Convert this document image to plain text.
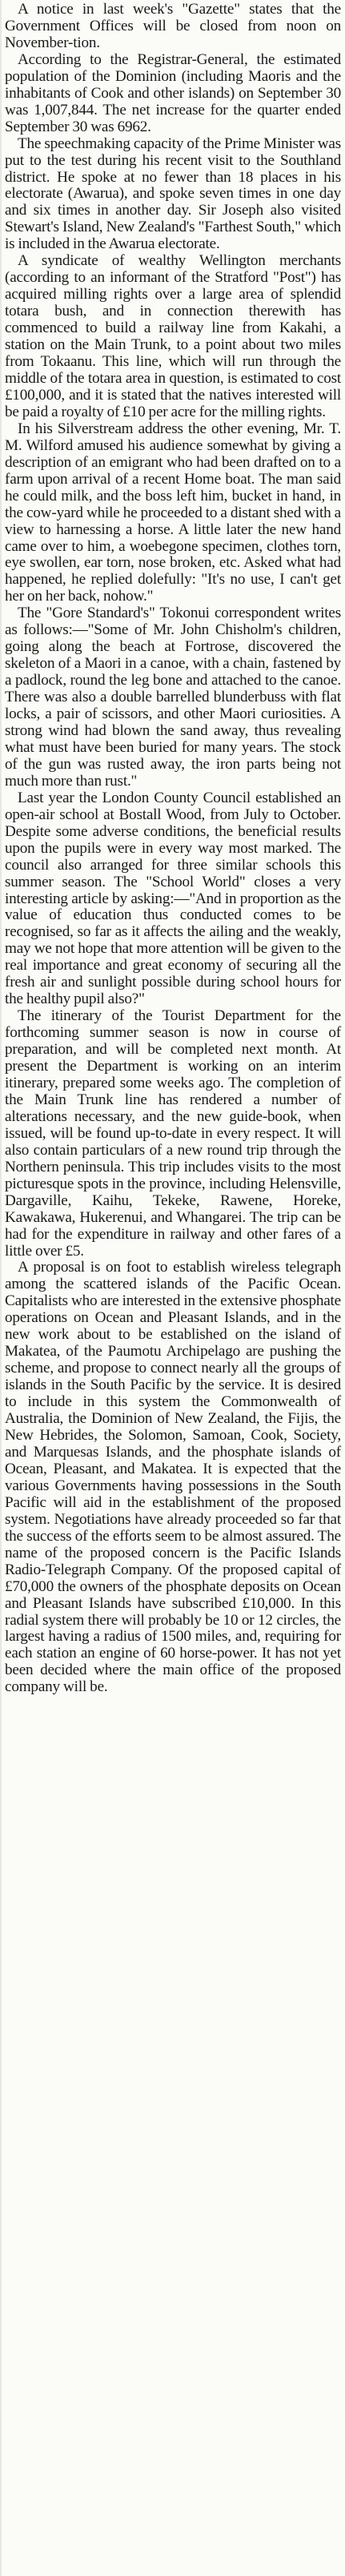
A notice in last week's "Gazette" states that the Government Offices will be closed from noon on November-tion.

According to the Registrar-General, the estimated population of the Dominion (including Maoris and the inhabitants of Cook and other islands) on September 30 was 1,007,844. The net increase for the quarter ended September 30 was 6962.

The speechmaking capacity of the Prime Minister was put to the test during his recent visit to the Southland district. He spoke at no fewer than 18 places in his electorate (Awarua), and spoke seven times in one day and six times in another day. Sir Joseph also visited Stewart's Island, New Zealand's "Farthest South," which is included in the Awarua electorate.

A syndicate of wealthy Wellington merchants (according to an informant of the Stratford "Post") has acquired milling rights over a large area of splendid totara bush, and in connection therewith has commenced to build a railway line from Kakahi, a station on the Main Trunk, to a point about two miles from Tokaanu. This line, which will run through the middle of the totara area in question, is estimated to cost £100,000, and it is stated that the natives interested will be paid a royalty of £10 per acre for the milling rights.

In his Silverstream address the other evening, Mr. T. M. Wilford amused his audience somewhat by giving a description of an emigrant who had been drafted on to a farm upon arrival of a recent Home boat. The man said he could milk, and the boss left him, bucket in hand, in the cow-yard while he proceeded to a distant shed with a view to harnessing a horse. A little later the new hand came over to him, a woebegone specimen, clothes torn, eye swollen, ear torn, nose broken, etc. Asked what had happened, he replied dolefully: "It's no use, I can't get her on her back, nohow."

The "Gore Standard's" Tokonui correspondent writes as follows:—"Some of Mr. John Chisholm's children, going along the beach at Fortrose, discovered the skeleton of a Maori in a canoe, with a chain, fastened by a padlock, round the leg bone and attached to the canoe. There was also a double barrelled blunderbuss with flat locks, a pair of scissors, and other Maori curiosities. A strong wind had blown the sand away, thus revealing what must have been buried for many years. The stock of the gun was rusted away, the iron parts being not much more than rust."

Last year the London County Council established an open-air school at Bostall Wood, from July to October. Despite some adverse conditions, the beneficial results upon the pupils were in every way most marked. The council also arranged for three similar schools this summer season. The "School World" closes a very interesting article by asking:—"And in proportion as the value of education thus conducted comes to be recognised, so far as it affects the ailing and the weakly, may we not hope that more attention will be given to the real importance and great economy of securing all the fresh air and sunlight possible during school hours for the healthy pupil also?"

The itinerary of the Tourist Department for the forthcoming summer season is now in course of preparation, and will be completed next month. At present the Department is working on an interim itinerary, prepared some weeks ago. The completion of the Main Trunk line has rendered a number of alterations necessary, and the new guide-book, when issued, will be found up-to-date in every respect. It will also contain particulars of a new round trip through the Northern peninsula. This trip includes visits to the most picturesque spots in the province, including Helensville, Dargaville, Kaihu, Tekeke, Rawene, Horeke, Kawakawa, Hukerenui, and Whangarei. The trip can be had for the expenditure in railway and other fares of a little over £5.

A proposal is on foot to establish wireless telegraph among the scattered islands of the Pacific Ocean. Capitalists who are interested in the extensive phosphate operations on Ocean and Pleasant Islands, and in the new work about to be established on the island of Makatea, of the Paumotu Archipelago are pushing the scheme, and propose to connect nearly all the groups of islands in the South Pacific by the service. It is desired to include in this system the Commonwealth of Australia, the Dominion of New Zealand, the Fijis, the New Hebrides, the Solomon, Samoan, Cook, Society, and Marquesas Islands, and the phosphate islands of Ocean, Pleasant, and Makatea. It is expected that the various Governments having possessions in the South Pacific will aid in the establishment of the proposed system. Negotiations have already proceeded so far that the success of the efforts seem to be almost assured. The name of the proposed concern is the Pacific Islands Radio-Telegraph Company. Of the proposed capital of £70,000 the owners of the phosphate deposits on Ocean and Pleasant Islands have subscribed £10,000. In this radial system there will probably be 10 or 12 circles, the largest having a radius of 1500 miles, and, requiring for each station an engine of 60 horse-power. It has not yet been decided where the main office of the proposed company will be.
